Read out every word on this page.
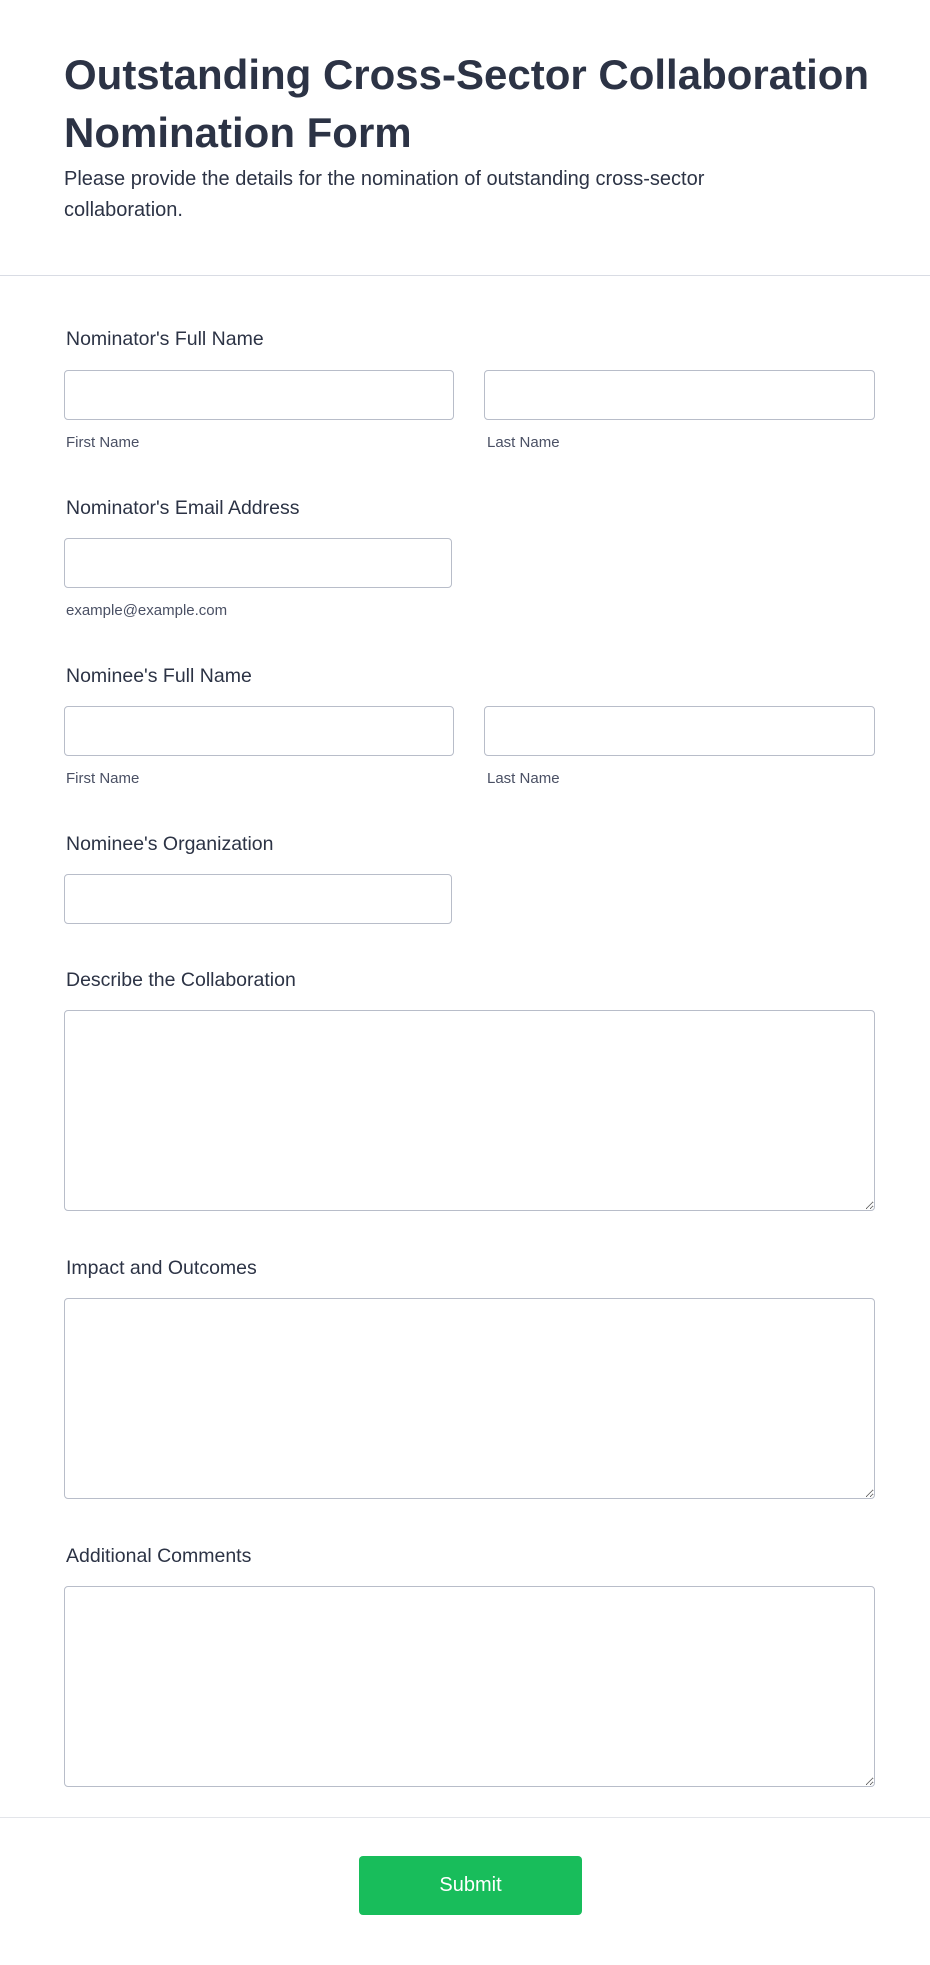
Outstanding Cross-Sector Collaboration Nomination Form

Please provide the details for the nomination of outstanding cross-sector collaboration.

Nominator's Full Name
First Name	Last Name
Nominator's Email Address
example@example.com
Nominee's Full Name
First Name	Last Name
Nominee's Organization
Describe the Collaboration
Impact and Outcomes
Additional Comments
Submit
